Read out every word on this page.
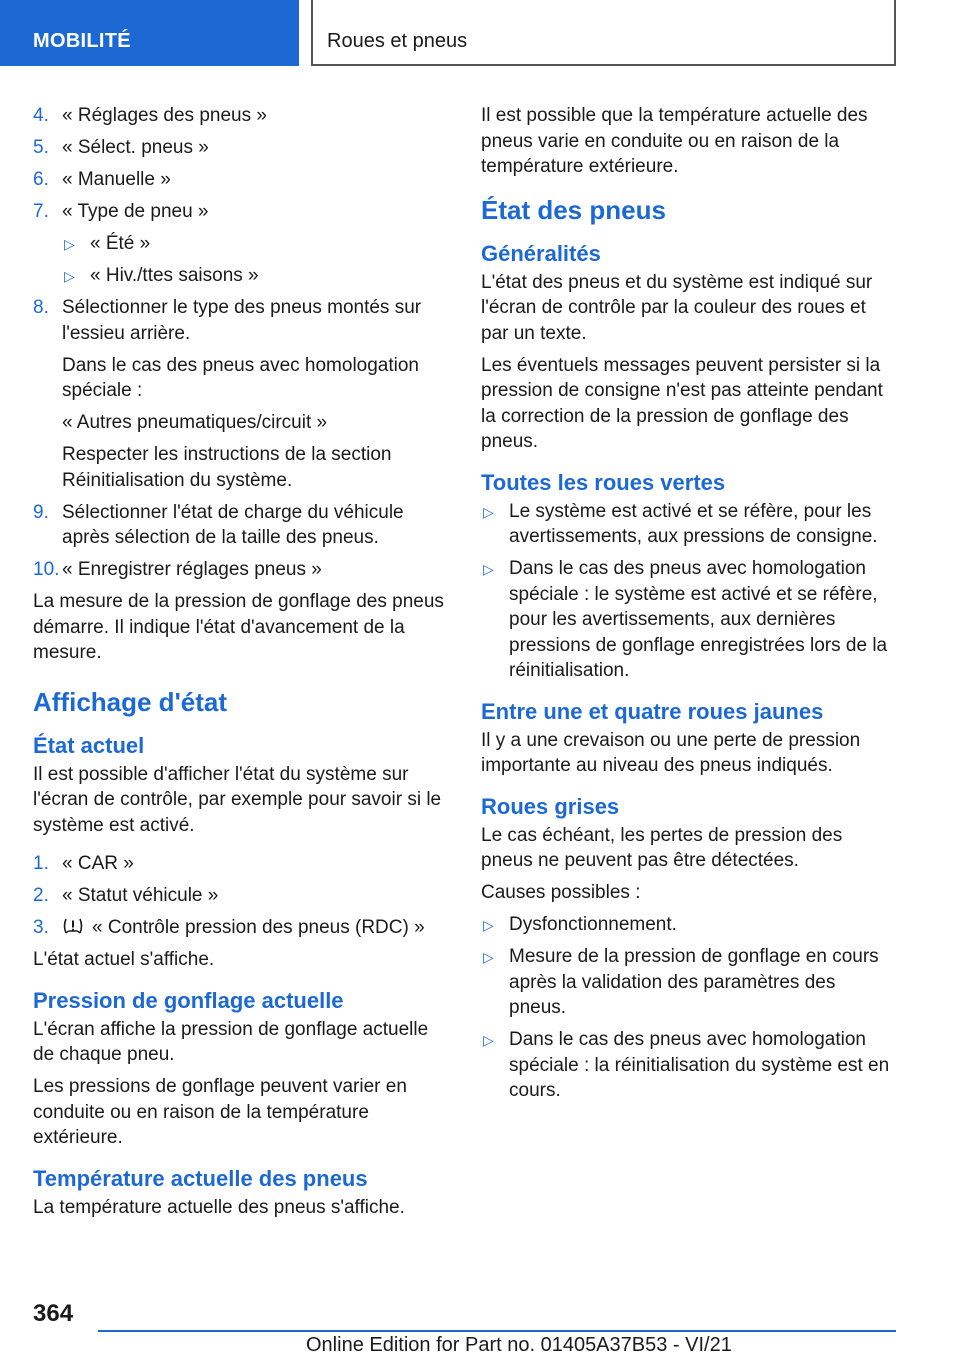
MOBILITÉ	Roues et pneus
4. « Réglages des pneus »

5. « Sélect. pneus »

6. « Manuelle »

7. « Type de pneu »

▷ « Été »
▷ « Hiv./ttes saisons »
8. Sélectionner le type des pneus montés sur l'essieu arrière.

Dans le cas des pneus avec homologation spéciale :

« Autres pneumatiques/circuit »

Respecter les instructions de la section Réinitialisation du système.

9. Sélectionner l'état de charge du véhicule après sélection de la taille des pneus.

10. « Enregistrer réglages pneus »

La mesure de la pression de gonflage des pneus démarre. Il indique l'état d'avancement de la mesure.

Affichage d'état
État actuel

Il est possible d'afficher l'état du système sur l'écran de contrôle, par exemple pour savoir si le système est activé.

1. « CAR »

2. « Statut véhicule »

3.	« Contrôle pression des pneus (RDC) »

L'état actuel s'affiche.

Pression de gonflage actuelle

L'écran affiche la pression de gonflage actuelle de chaque pneu.

Les pressions de gonflage peuvent varier en conduite ou en raison de la température extérieure.

Température actuelle des pneus

La température actuelle des pneus s'affiche.

Il est possible que la température actuelle des pneus varie en conduite ou en raison de la température extérieure.

État des pneus
Généralités

L'état des pneus et du système est indiqué sur l'écran de contrôle par la couleur des roues et par un texte.

Les éventuels messages peuvent persister si la pression de consigne n'est pas atteinte pendant la correction de la pression de gonflage des pneus.

Toutes les roues vertes
▷ Le système est activé et se réfère, pour les avertissements, aux pressions de consigne.
▷ Dans le cas des pneus avec homologation spéciale : le système est activé et se réfère, pour les avertissements, aux dernières pressions de gonflage enregistrées lors de la réinitialisation.
Entre une et quatre roues jaunes

Il y a une crevaison ou une perte de pression importante au niveau des pneus indiqués.

Roues grises

Le cas échéant, les pertes de pression des pneus ne peuvent pas être détectées.

Causes possibles :

▷ Dysfonctionnement.
▷ Mesure de la pression de gonflage en cours après la validation des paramètres des pneus.
▷ Dans le cas des pneus avec homologation spéciale : la réinitialisation du système est en cours.
364
Online Edition for Part no. 01405A37B53 - VI/21
